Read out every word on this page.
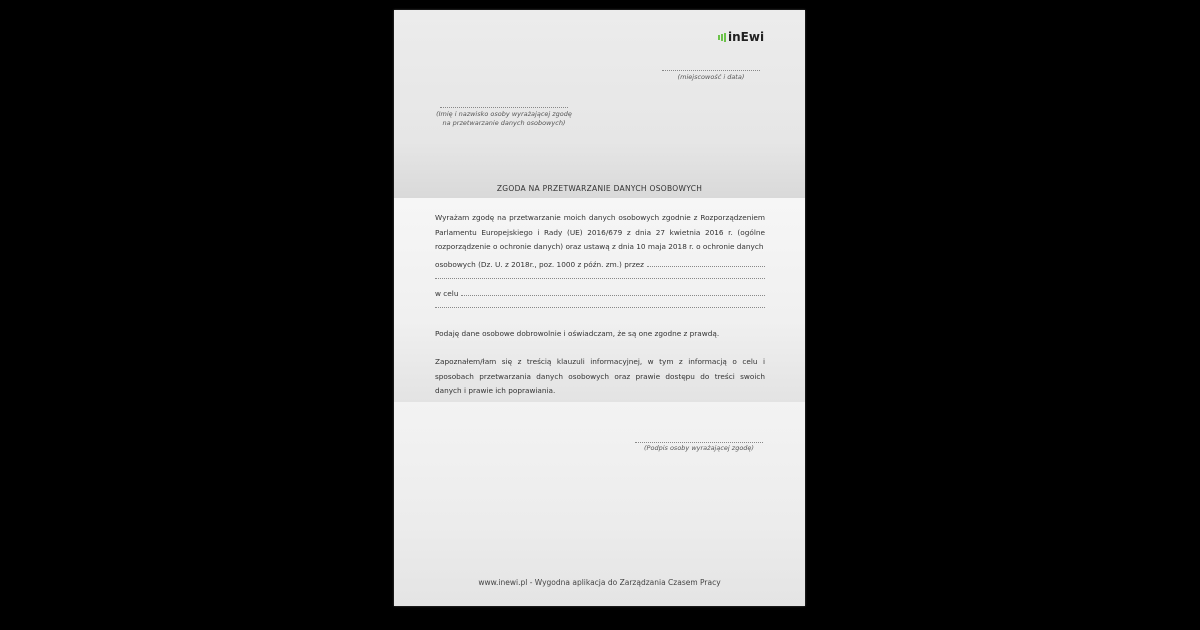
inEwi
(miejscowość i data)
(Imię i nazwisko osoby wyrażającej zgodę
na przetwarzanie danych osobowych)
ZGODA NA PRZETWARZANIE DANYCH OSOBOWYCH
Wyrażam zgodę na przetwarzanie moich danych osobowych zgodnie z Rozporządzeniem Parlamentu Europejskiego i Rady (UE) 2016/679 z dnia 27 kwietnia 2016 r. (ogólne rozporządzenie o ochronie danych) oraz ustawą z dnia 10 maja 2018 r. o ochronie danych
osobowych (Dz. U. z 2018r., poz. 1000 z późn. zm.) przez
w celu
Podaję dane osobowe dobrowolnie i oświadczam, że są one zgodne z prawdą.
Zapoznałem/łam się z treścią klauzuli informacyjnej, w tym z informacją o celu i sposobach przetwarzania danych osobowych oraz prawie dostępu do treści swoich danych i prawie ich poprawiania.
(Podpis osoby wyrażającej zgodę)
www.inewi.pl - Wygodna aplikacja do Zarządzania Czasem Pracy
